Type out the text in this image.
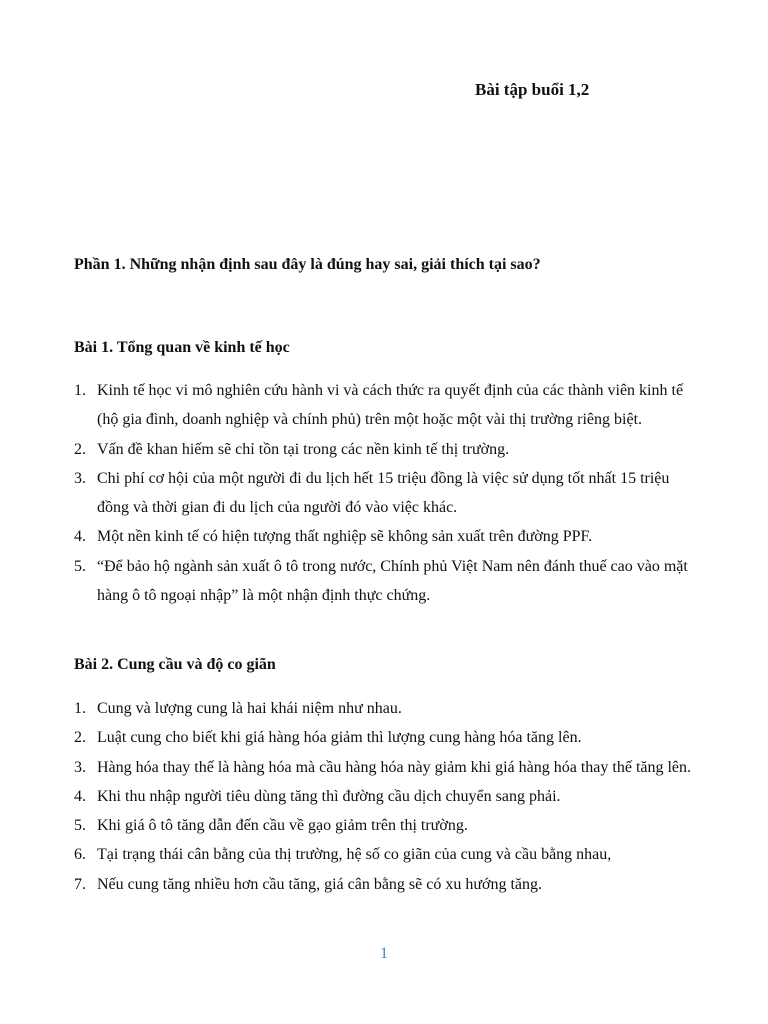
Bài tập buổi 1,2
Phần 1. Những nhận định sau đây là đúng hay sai, giải thích tại sao?
Bài 1. Tổng quan về kinh tế học
1. Kinh tế học vi mô nghiên cứu hành vi và cách thức ra quyết định của các thành viên kinh tế (hộ gia đình, doanh nghiệp và chính phủ) trên một hoặc một vài thị trường riêng biệt.
2. Vấn đề khan hiếm sẽ chỉ tồn tại trong các nền kinh tế thị trường.
3. Chi phí cơ hội của một người đi du lịch hết 15 triệu đồng là việc sử dụng tốt nhất 15 triệu đồng và thời gian đi du lịch của người đó vào việc khác.
4. Một nền kinh tế có hiện tượng thất nghiệp sẽ không sản xuất trên đường PPF.
5. “Để bảo hộ ngành sản xuất ô tô trong nước, Chính phủ Việt Nam nên đánh thuế cao vào mặt hàng ô tô ngoại nhập” là một nhận định thực chứng.
Bài 2. Cung cầu và độ co giãn
1. Cung và lượng cung là hai khái niệm như nhau.
2. Luật cung cho biết khi giá hàng hóa giảm thì lượng cung hàng hóa tăng lên.
3. Hàng hóa thay thế là hàng hóa mà cầu hàng hóa này giảm khi giá hàng hóa thay thế tăng lên.
4. Khi thu nhập người tiêu dùng tăng thì đường cầu dịch chuyển sang phải.
5. Khi giá ô tô tăng dẫn đến cầu về gạo giảm trên thị trường.
6. Tại trạng thái cân bằng của thị trường, hệ số co giãn của cung và cầu bằng nhau,
7. Nếu cung tăng nhiều hơn cầu tăng, giá cân bằng sẽ có xu hướng tăng.
1
